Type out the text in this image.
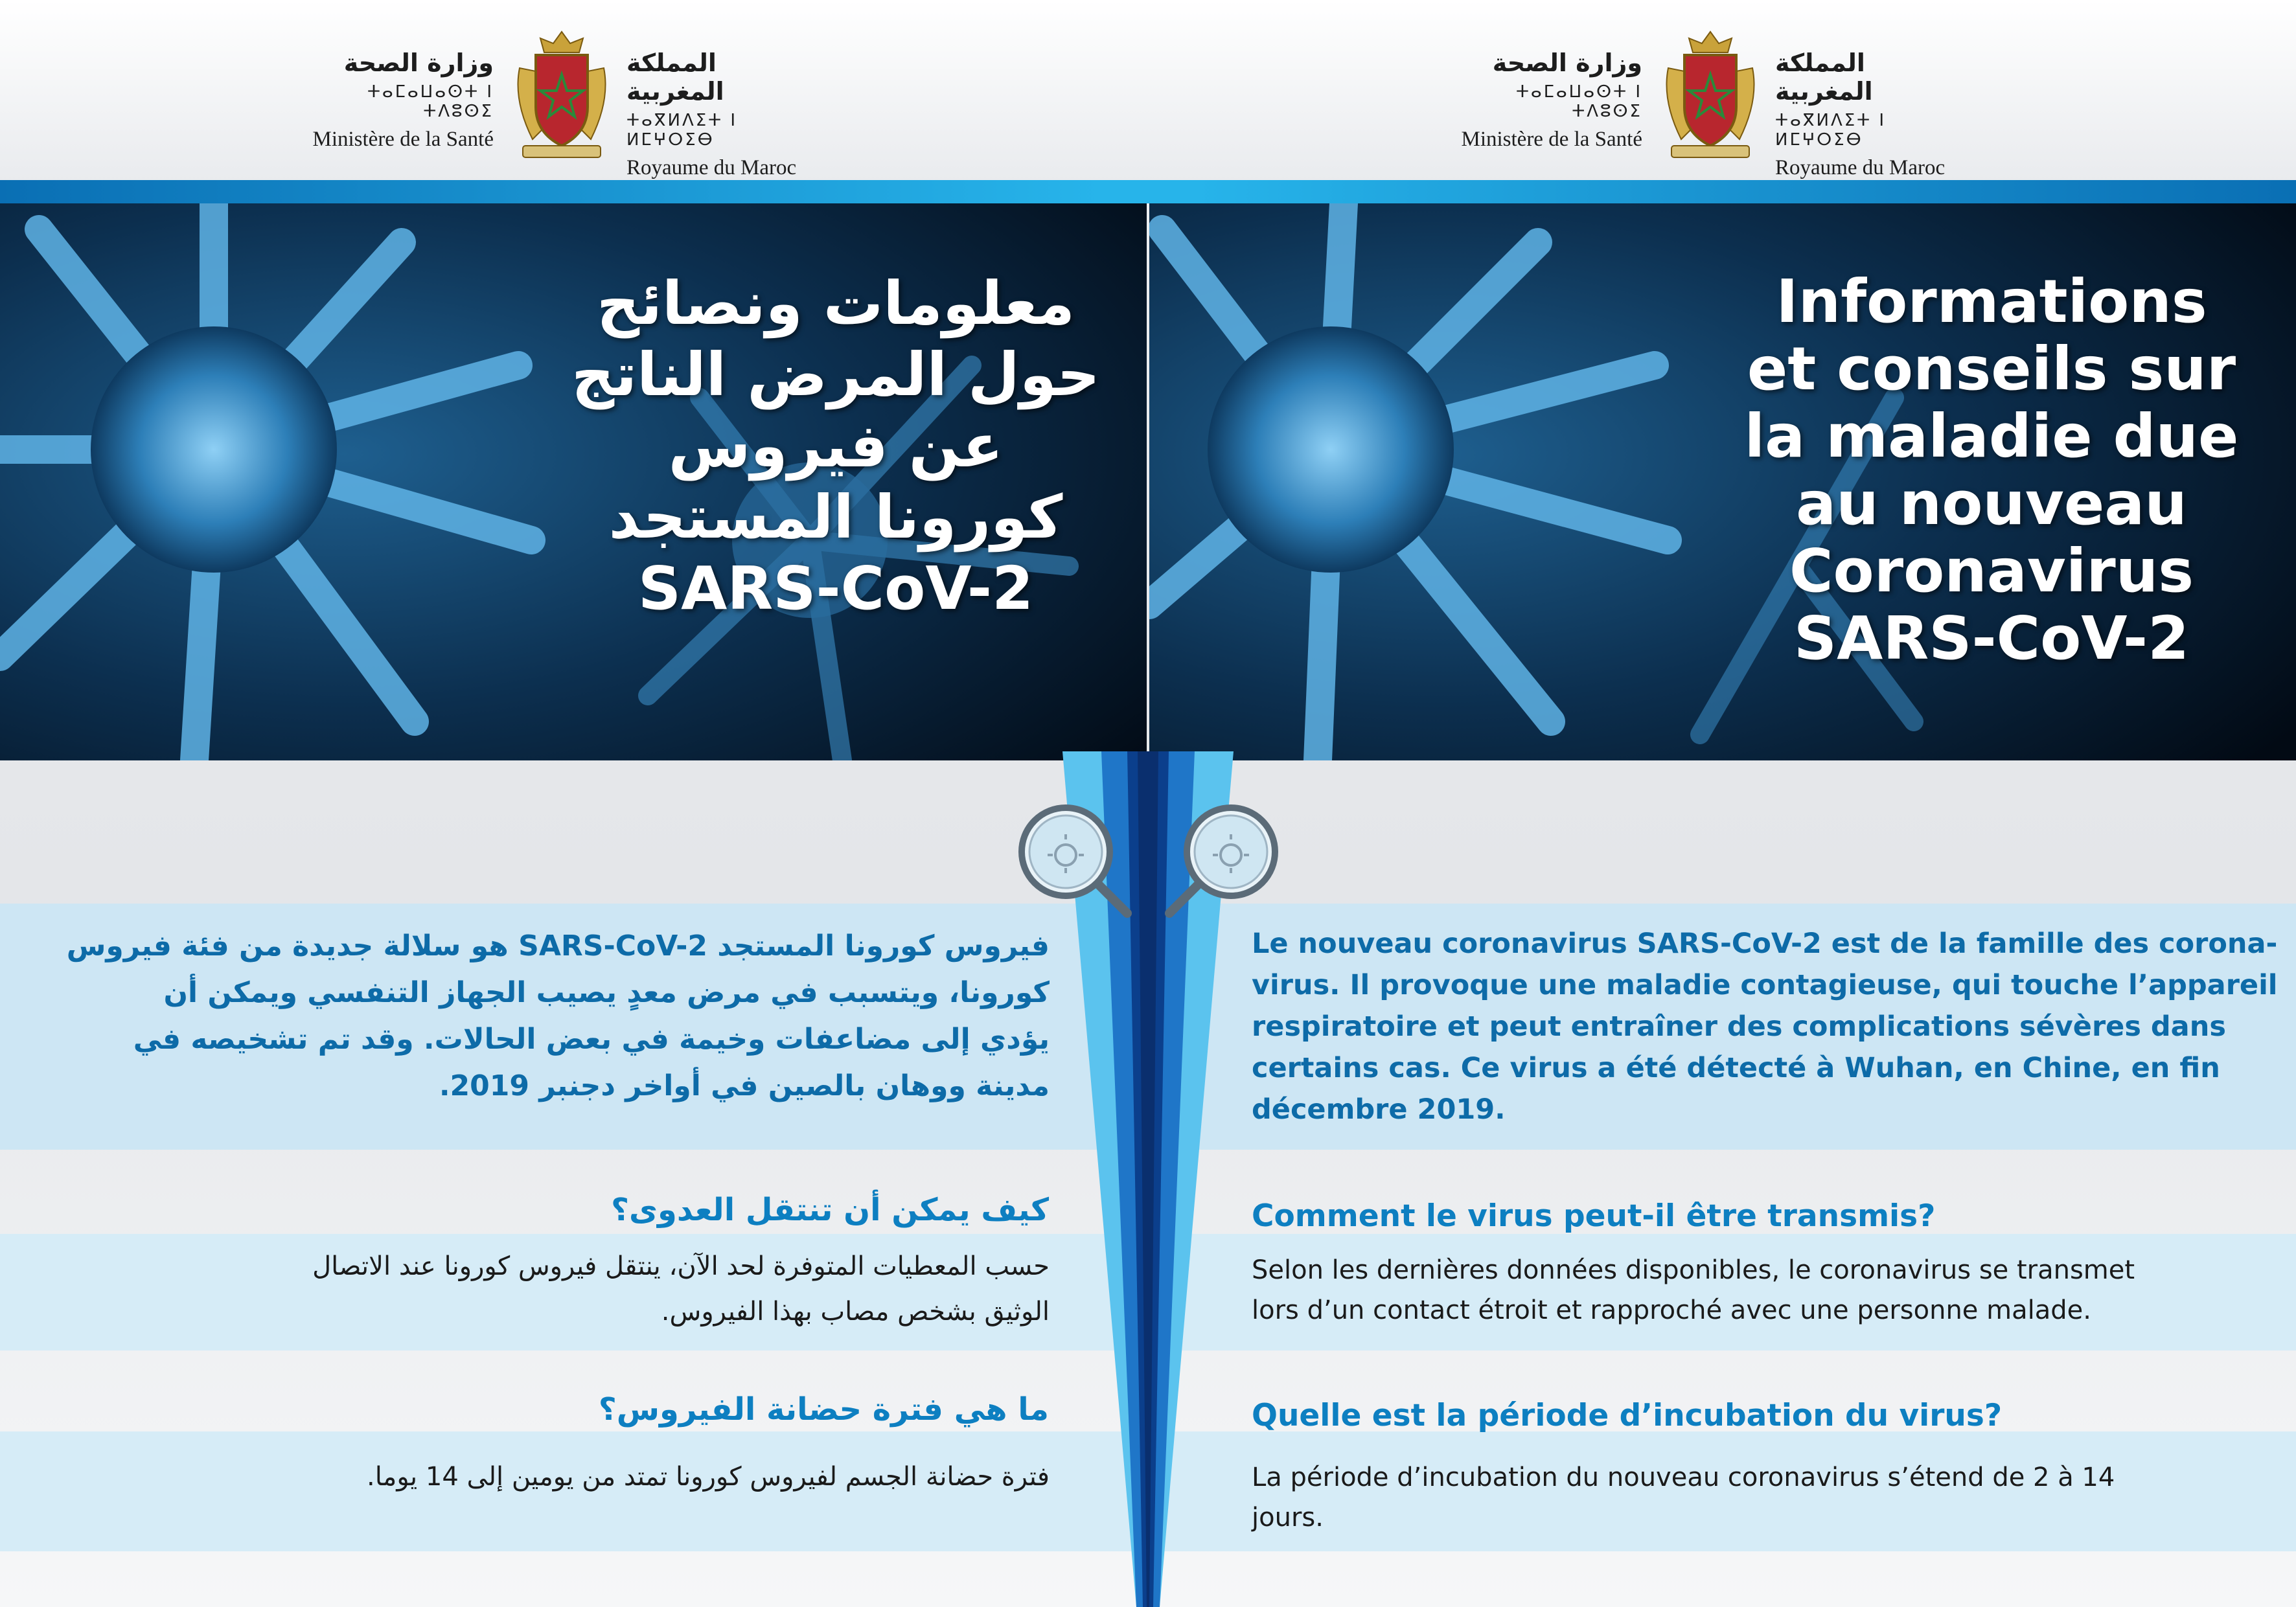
وزارة الصحة
ⵜⴰⵎⴰⵡⴰⵙⵜ ⵏ ⵜⴷⵓⵙⵉ
Ministère de la Santé
المملكة المغربية
ⵜⴰⴳⵍⴷⵉⵜ ⵏ ⵍⵎⵖⵔⵉⴱ
Royaume du Maroc
وزارة الصحة
ⵜⴰⵎⴰⵡⴰⵙⵜ ⵏ ⵜⴷⵓⵙⵉ
Ministère de la Santé
المملكة المغربية
ⵜⴰⴳⵍⴷⵉⵜ ⵏ ⵍⵎⵖⵔⵉⴱ
Royaume du Maroc
معلومات ونصائح
حول المرض الناتج
عن فيروس
كورونا المستجد
SARS-CoV-2
Informations
et conseils sur
la maladie due
au nouveau
Coronavirus
SARS-CoV-2
فيروس كورونا المستجد SARS-CoV-2 هو سلالة جديدة من فئة فيروس
كورونا، ويتسبب في مرض معدٍ يصيب الجهاز التنفسي ويمكن أن
يؤدي إلى مضاعفات وخيمة في بعض الحالات. وقد تم تشخيصه في
مدينة ووهان بالصين في أواخر دجنبر 2019.
كيف يمكن أن تنتقل العدوى؟
حسب المعطيات المتوفرة لحد الآن، ينتقل فيروس كورونا عند الاتصال
الوثيق بشخص مصاب بهذا الفيروس.
ما هي فترة حضانة الفيروس؟
فترة حضانة الجسم لفيروس كورونا تمتد من يومين إلى 14 يوما.
Le nouveau coronavirus SARS-CoV-2 est de la famille des corona-
virus. Il provoque une maladie contagieuse, qui touche l’appareil
respiratoire et peut entraîner des complications sévères dans
certains cas. Ce virus a été détecté à Wuhan, en Chine, en fin
décembre 2019.
Comment le virus peut-il être transmis?
Selon les dernières données disponibles, le coronavirus se transmet
lors d’un contact étroit et rapproché avec une personne malade.
Quelle est la période d’incubation du virus?
La période d’incubation du nouveau coronavirus s’étend de 2 à 14
jours.
